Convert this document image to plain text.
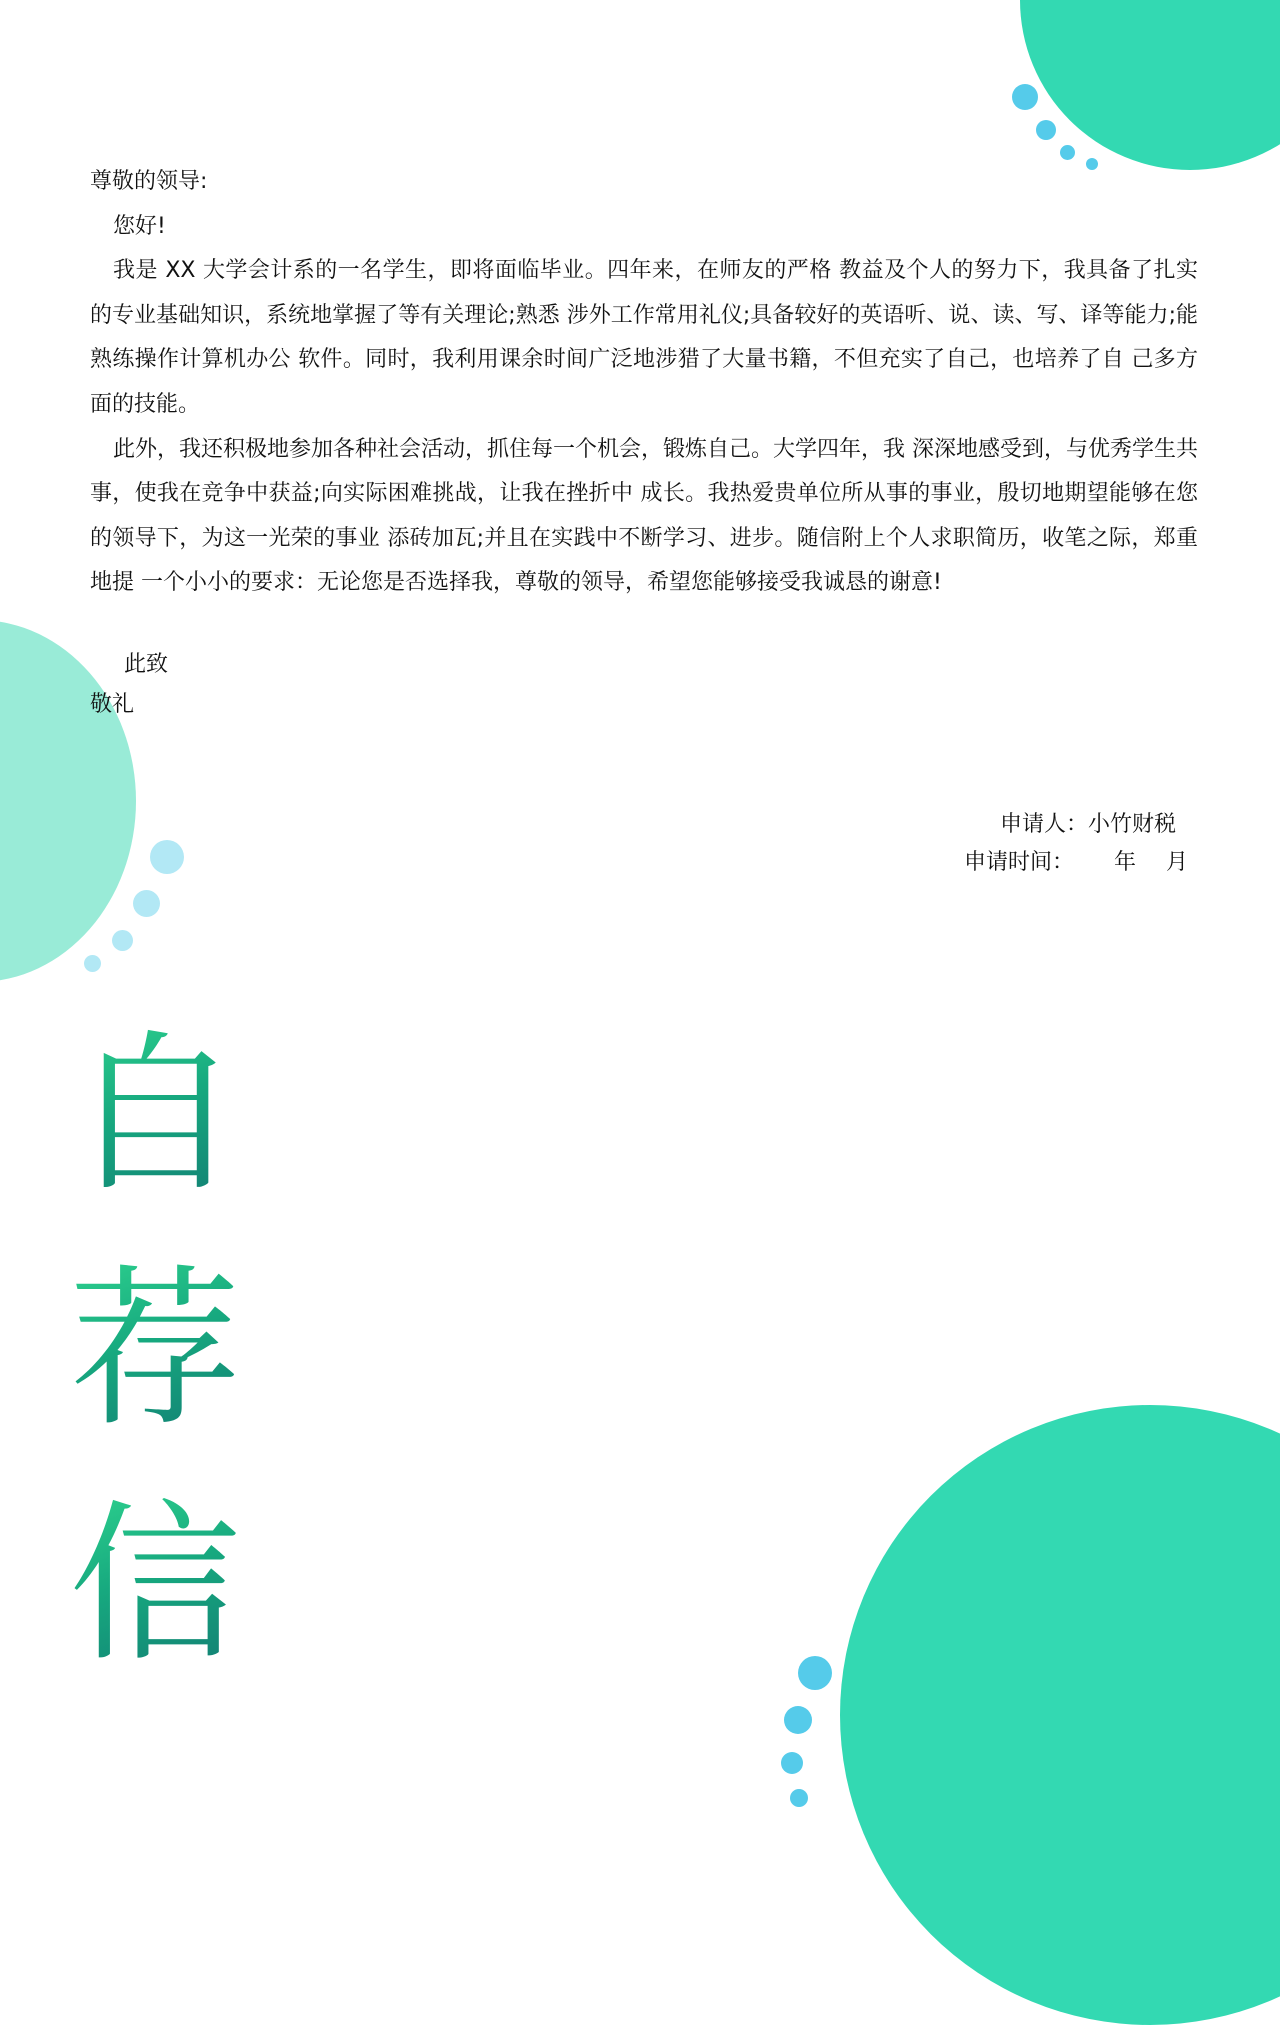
尊敬的领导:

您好!

我是 XX 大学会计系的一名学生，即将面临毕业。四年来，在师友的严格 教益及个人的努力下，我具备了扎实的专业基础知识，系统地掌握了等有关理论;熟悉 涉外工作常用礼仪;具备较好的英语听、说、读、写、译等能力;能熟练操作计算机办公 软件。同时，我利用课余时间广泛地涉猎了大量书籍，不但充实了自己，也培养了自 己多方面的技能。

此外，我还积极地参加各种社会活动，抓住每一个机会，锻炼自己。大学四年，我 深深地感受到，与优秀学生共事，使我在竞争中获益;向实际困难挑战，让我在挫折中 成长。我热爱贵单位所从事的事业，殷切地期望能够在您的领导下，为这一光荣的事业 添砖加瓦;并且在实践中不断学习、进步。随信附上个人求职简历，收笔之际，郑重地提 一个小小的要求：无论您是否选择我，尊敬的领导，希望您能够接受我诚恳的谢意!

此致
敬礼
申请人：小竹财税
申请时间： 年 月
自
荐
信
